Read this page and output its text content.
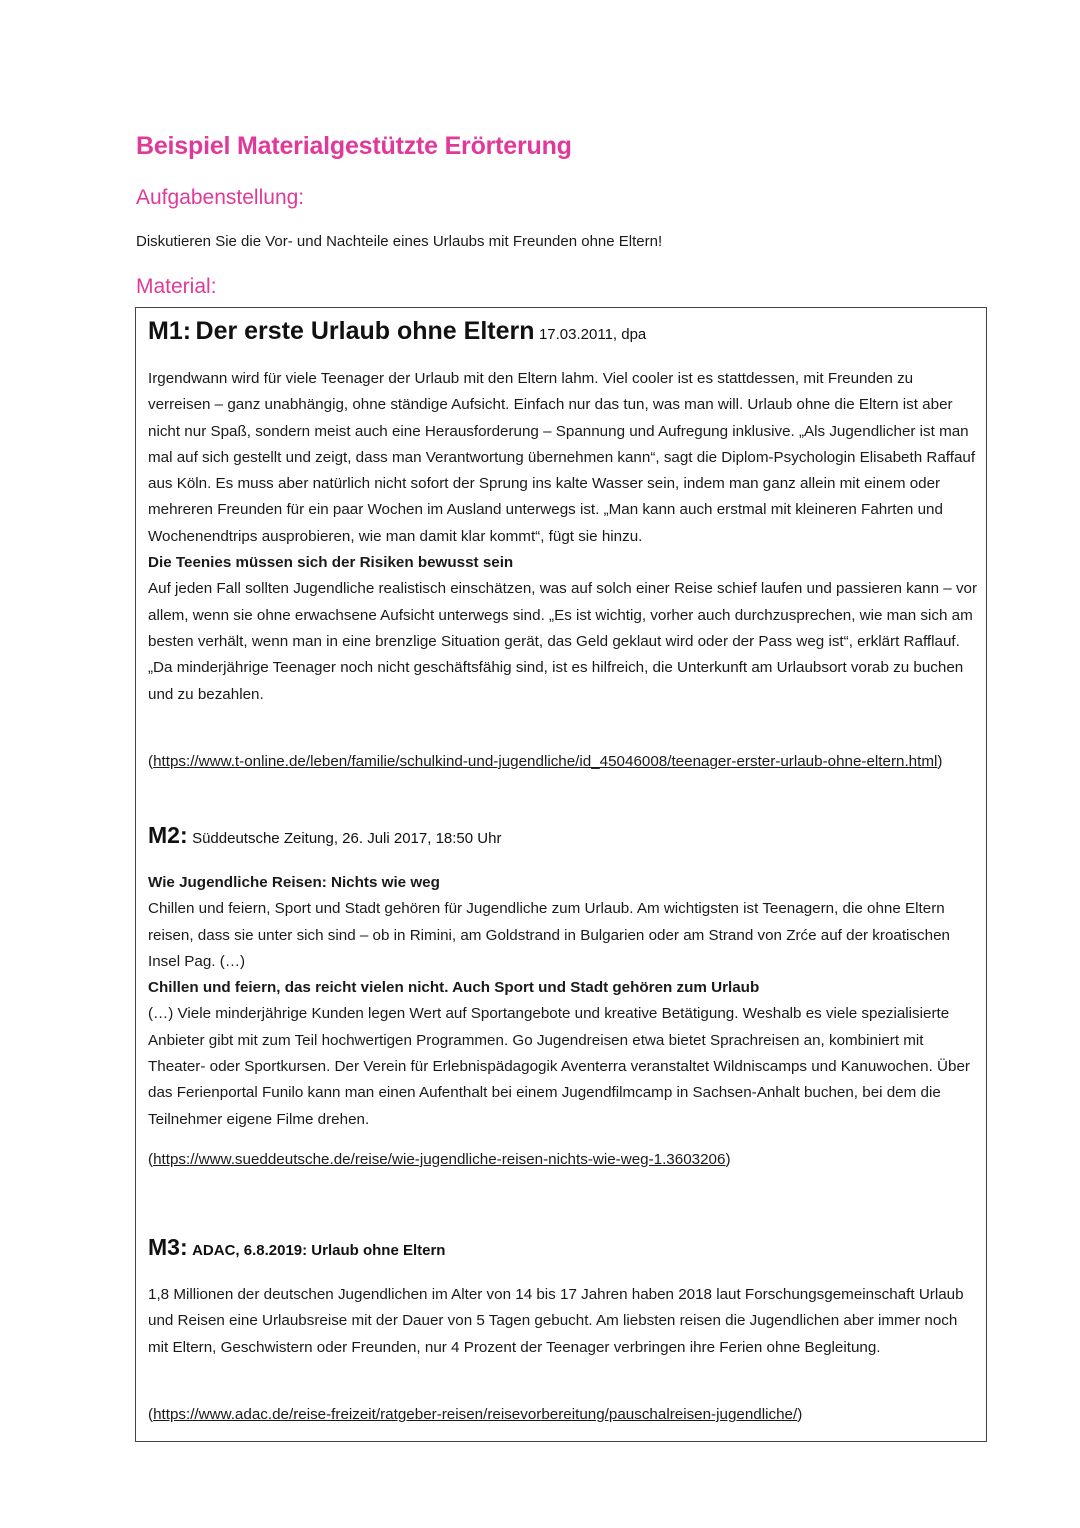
Beispiel Materialgestützte Erörterung
Aufgabenstellung:

Diskutieren Sie die Vor- und Nachteile eines Urlaubs mit Freunden ohne Eltern!

Material:
M1: Der erste Urlaub ohne Eltern 17.03.2011, dpa

Irgendwann wird für viele Teenager der Urlaub mit den Eltern lahm. Viel cooler ist es stattdessen, mit Freunden zu verreisen – ganz unabhängig, ohne ständige Aufsicht. Einfach nur das tun, was man will. Urlaub ohne die Eltern ist aber nicht nur Spaß, sondern meist auch eine Herausforderung – Spannung und Aufregung inklusive. „Als Jugendlicher ist man mal auf sich gestellt und zeigt, dass man Verantwortung übernehmen kann“, sagt die Diplom-Psychologin Elisabeth Raffauf aus Köln. Es muss aber natürlich nicht sofort der Sprung ins kalte Wasser sein, indem man ganz allein mit einem oder mehreren Freunden für ein paar Wochen im Ausland unterwegs ist. „Man kann auch erstmal mit kleineren Fahrten und Wochenendtrips ausprobieren, wie man damit klar kommt“, fügt sie hinzu.

Die Teenies müssen sich der Risiken bewusst sein

Auf jeden Fall sollten Jugendliche realistisch einschätzen, was auf solch einer Reise schief laufen und passieren kann – vor allem, wenn sie ohne erwachsene Aufsicht unterwegs sind. „Es ist wichtig, vorher auch durchzusprechen, wie man sich am besten verhält, wenn man in eine brenzlige Situation gerät, das Geld geklaut wird oder der Pass weg ist“, erklärt Rafflauf. „Da minderjährige Teenager noch nicht geschäftsfähig sind, ist es hilfreich, die Unterkunft am Urlaubsort vorab zu buchen und zu bezahlen.

(https://www.t-online.de/leben/familie/schulkind-und-jugendliche/id_45046008/teenager-erster-urlaub-ohne-eltern.html)

M2: Süddeutsche Zeitung, 26. Juli 2017, 18:50 Uhr

Wie Jugendliche Reisen: Nichts wie weg

Chillen und feiern, Sport und Stadt gehören für Jugendliche zum Urlaub. Am wichtigsten ist Teenagern, die ohne Eltern reisen, dass sie unter sich sind – ob in Rimini, am Goldstrand in Bulgarien oder am Strand von Zrće auf der kroatischen Insel Pag. (…)

Chillen und feiern, das reicht vielen nicht. Auch Sport und Stadt gehören zum Urlaub

(…) Viele minderjährige Kunden legen Wert auf Sportangebote und kreative Betätigung. Weshalb es viele spezialisierte Anbieter gibt mit zum Teil hochwertigen Programmen. Go Jugendreisen etwa bietet Sprachreisen an, kombiniert mit Theater- oder Sportkursen. Der Verein für Erlebnispädagogik Aventerra veranstaltet Wildniscamps und Kanuwochen. Über das Ferienportal Funilo kann man einen Aufenthalt bei einem Jugendfilmcamp in Sachsen-Anhalt buchen, bei dem die Teilnehmer eigene Filme drehen.

(https://www.sueddeutsche.de/reise/wie-jugendliche-reisen-nichts-wie-weg-1.3603206)

M3: ADAC, 6.8.2019: Urlaub ohne Eltern

1,8 Millionen der deutschen Jugendlichen im Alter von 14 bis 17 Jahren haben 2018 laut Forschungsgemeinschaft Urlaub und Reisen eine Urlaubsreise mit der Dauer von 5 Tagen gebucht. Am liebsten reisen die Jugendlichen aber immer noch mit Eltern, Geschwistern oder Freunden, nur 4 Prozent der Teenager verbringen ihre Ferien ohne Begleitung.

(https://www.adac.de/reise-freizeit/ratgeber-reisen/reisevorbereitung/pauschalreisen-jugendliche/)
